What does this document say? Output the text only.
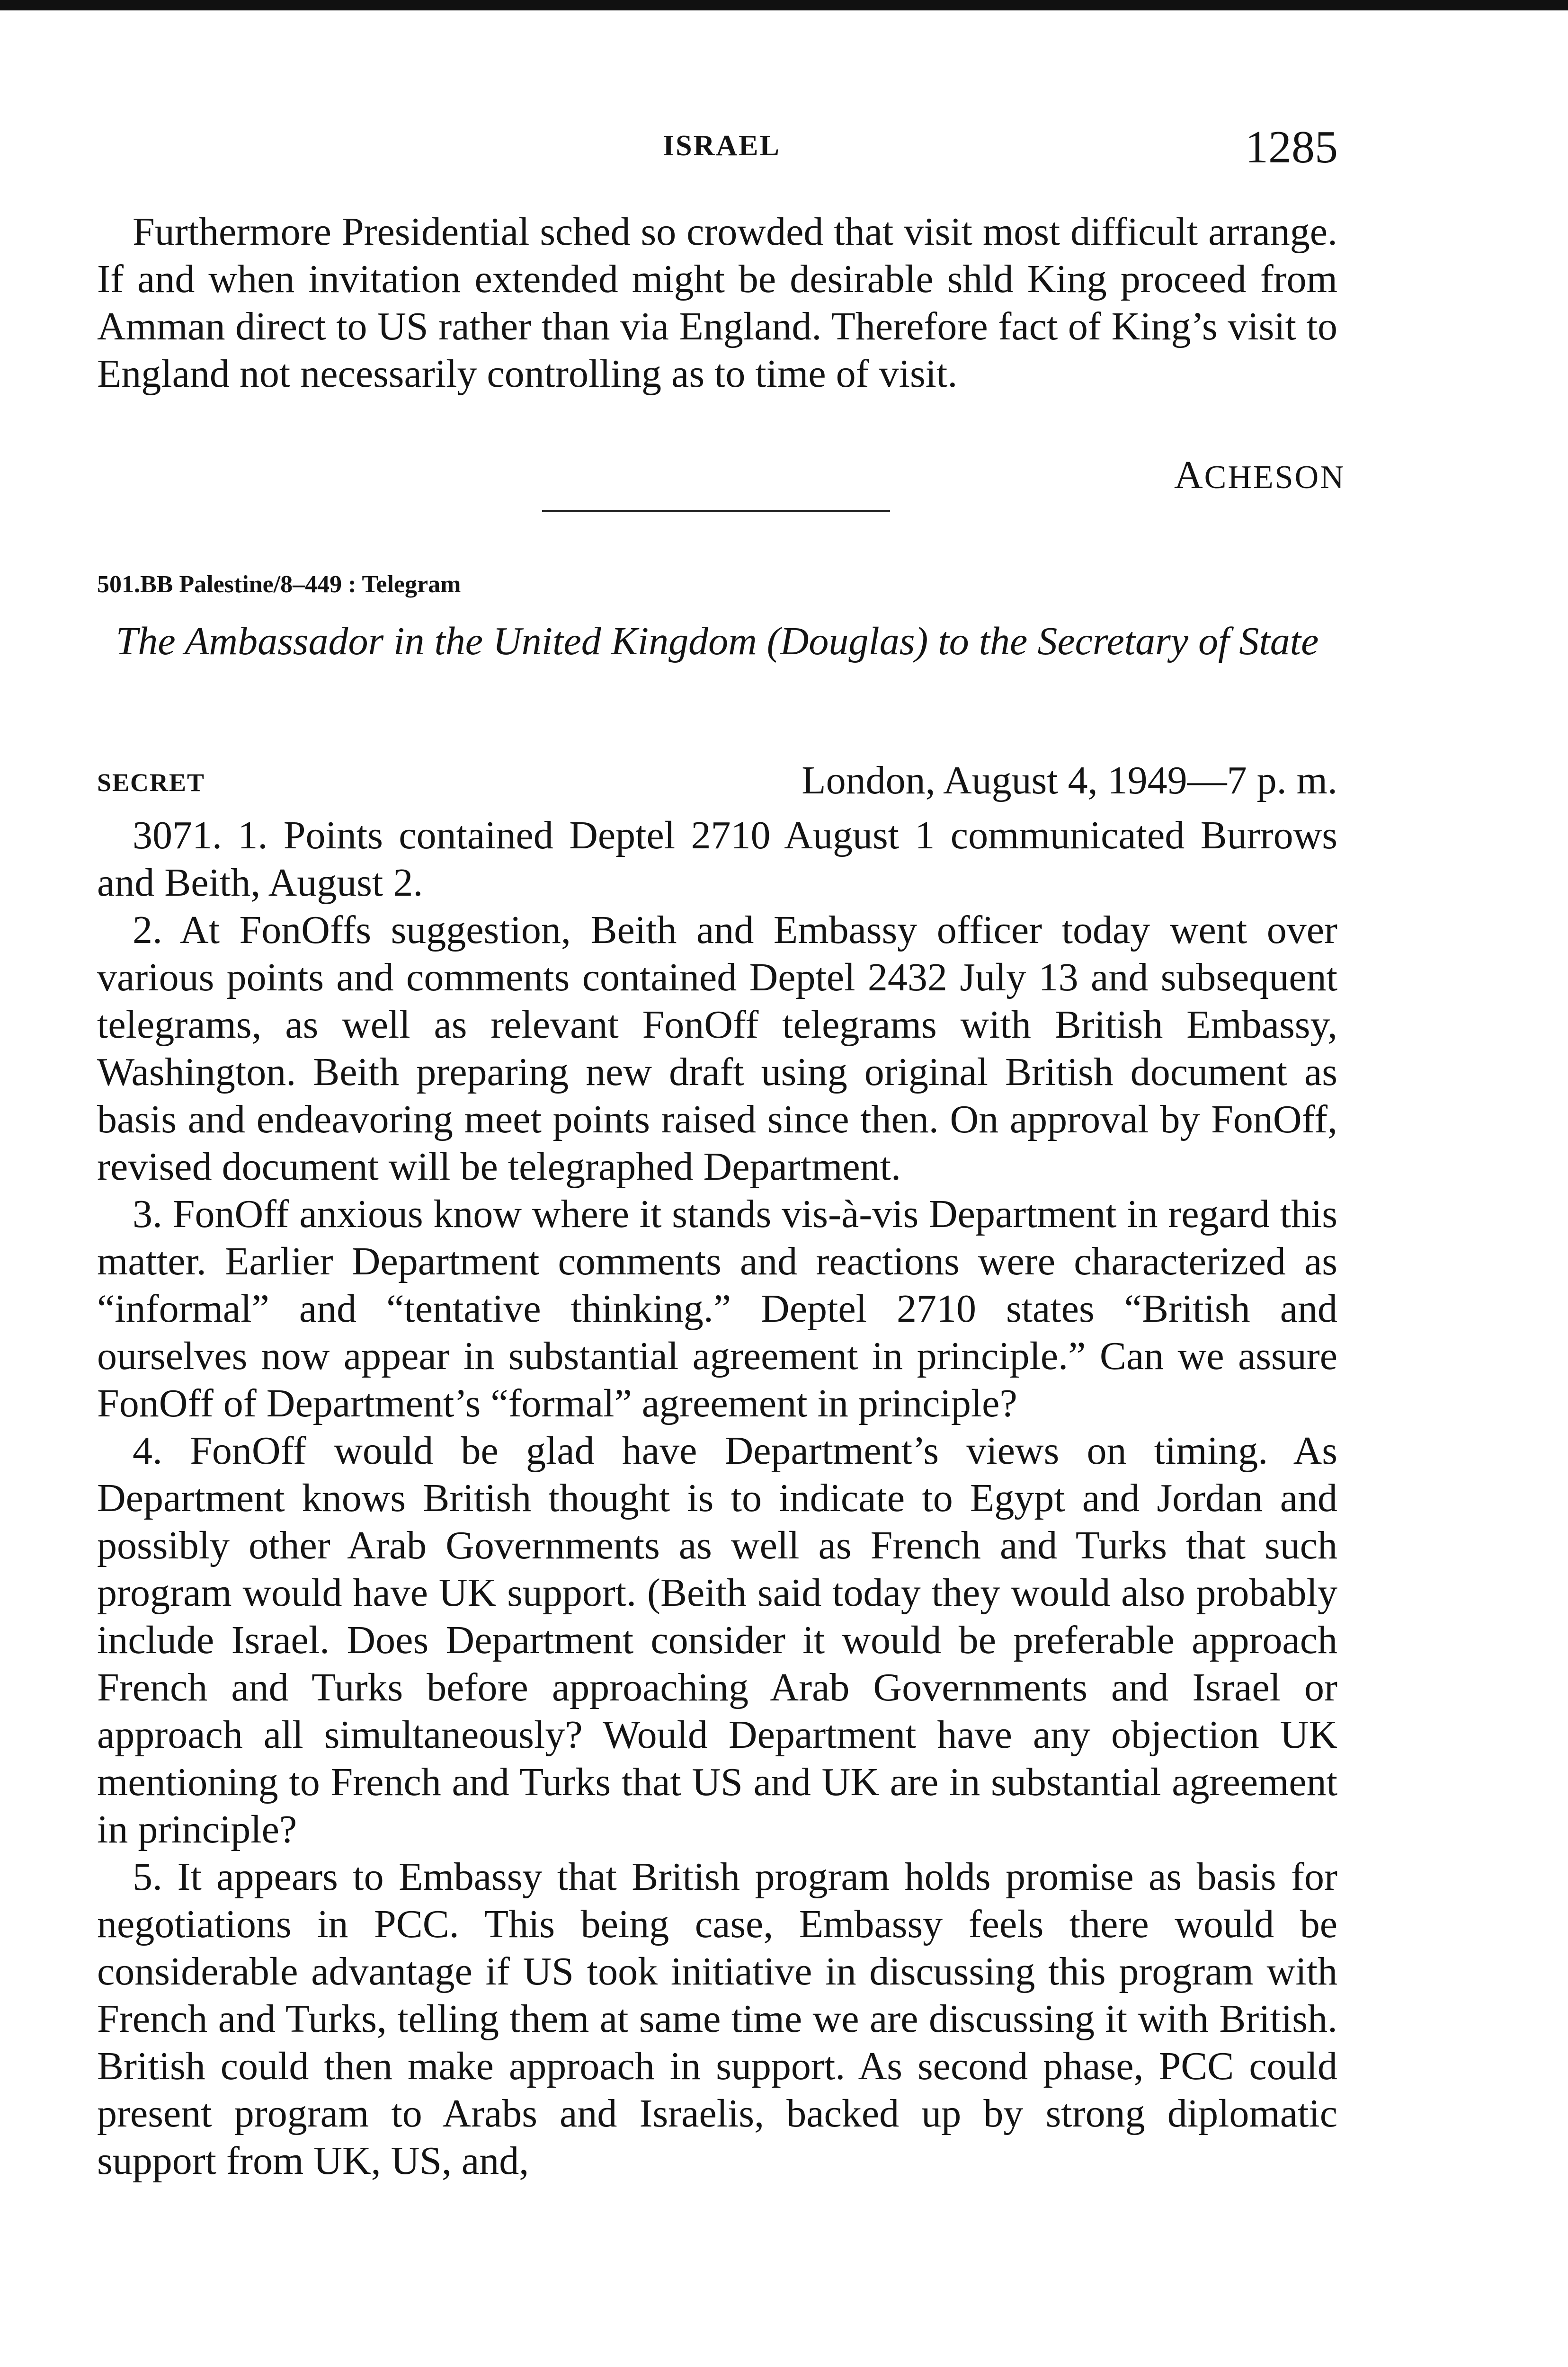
ISRAEL	1285

Furthermore Presidential sched so crowded that visit most difficult arrange. If and when invitation extended might be desirable shld King proceed from Amman direct to US rather than via England. Therefore fact of King’s visit to England not necessarily controlling as to time of visit.

ACHESON
501.BB Palestine/8–449 : Telegram
The Ambassador in the United Kingdom (Douglas) to the Secretary of State
SECRET	London, August 4, 1949—7 p. m.

3071. 1. Points contained Deptel 2710 August 1 communicated Burrows and Beith, August 2.

2. At FonOffs suggestion, Beith and Embassy officer today went over various points and comments contained Deptel 2432 July 13 and subsequent telegrams, as well as relevant FonOff telegrams with British Embassy, Washington. Beith preparing new draft using original British document as basis and endeavoring meet points raised since then. On approval by FonOff, revised document will be telegraphed Department.

3. FonOff anxious know where it stands vis-à-vis Department in regard this matter. Earlier Department comments and reactions were characterized as “informal” and “tentative thinking.” Deptel 2710 states “British and ourselves now appear in substantial agreement in principle.” Can we assure FonOff of Department’s “formal” agreement in principle?

4. FonOff would be glad have Department’s views on timing. As Department knows British thought is to indicate to Egypt and Jordan and possibly other Arab Governments as well as French and Turks that such program would have UK support. (Beith said today they would also probably include Israel. Does Department consider it would be preferable approach French and Turks before approaching Arab Governments and Israel or approach all simultaneously? Would Department have any objection UK mentioning to French and Turks that US and UK are in substantial agreement in principle?

5. It appears to Embassy that British program holds promise as basis for negotiations in PCC. This being case, Embassy feels there would be considerable advantage if US took initiative in discussing this program with French and Turks, telling them at same time we are discussing it with British. British could then make approach in support. As second phase, PCC could present program to Arabs and Israelis, backed up by strong diplomatic support from UK, US, and,
